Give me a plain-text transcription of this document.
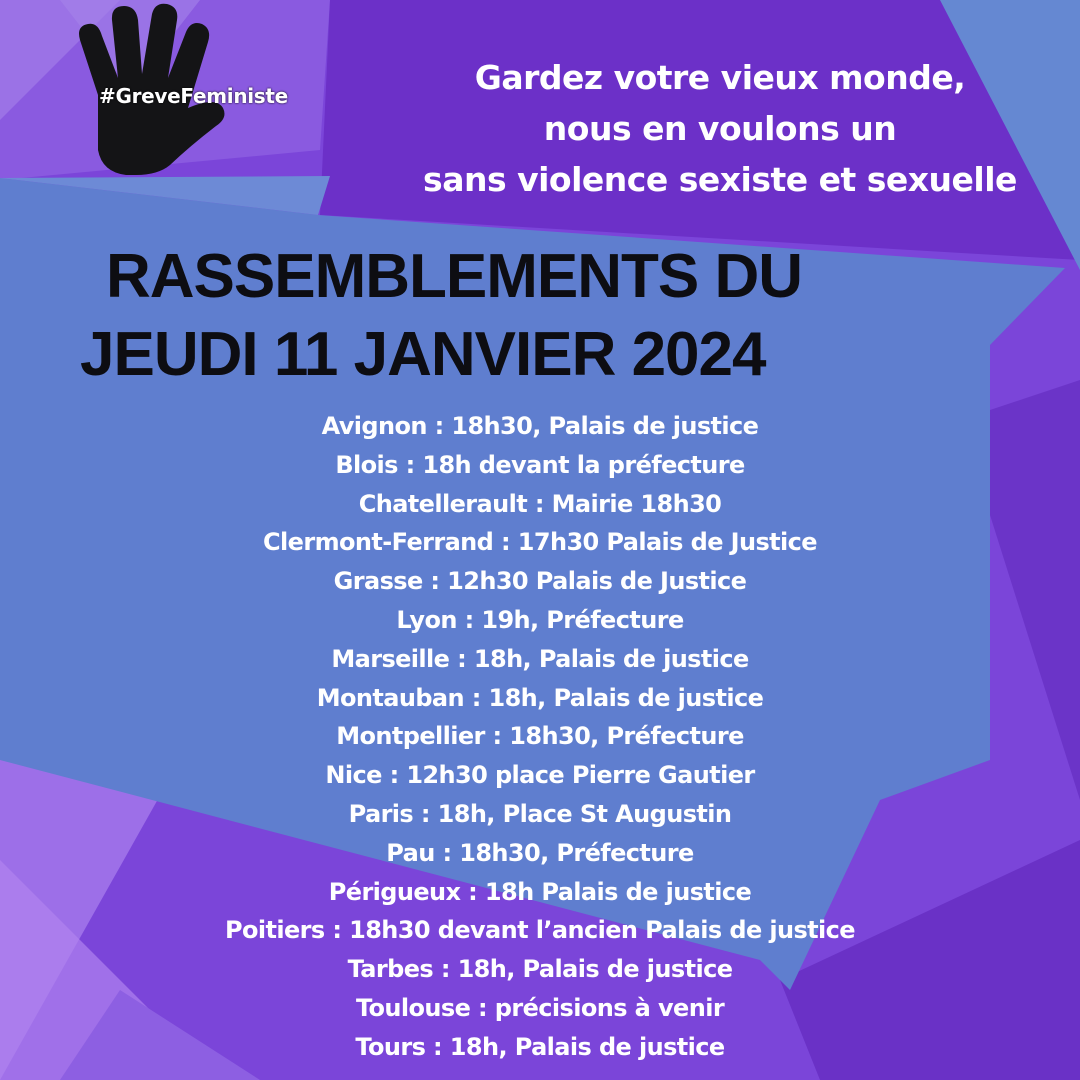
#GreveFeministe	Gardez votre vieux monde,
nous en voulons un
sans violence sexiste et sexuelle
RASSEMBLEMENTS DU
JEUDI 11 JANVIER 2024
Avignon : 18h30, Palais de justice
Blois : 18h devant la préfecture
Chatellerault : Mairie 18h30
Clermont-Ferrand : 17h30 Palais de Justice
Grasse : 12h30 Palais de Justice
Lyon : 19h, Préfecture
Marseille : 18h, Palais de justice
Montauban : 18h, Palais de justice
Montpellier : 18h30, Préfecture
Nice : 12h30 place Pierre Gautier
Paris : 18h, Place St Augustin
Pau : 18h30, Préfecture
Périgueux : 18h Palais de justice
Poitiers : 18h30 devant l’ancien Palais de justice
Tarbes : 18h, Palais de justice
Toulouse : précisions à venir
Tours : 18h, Palais de justice
